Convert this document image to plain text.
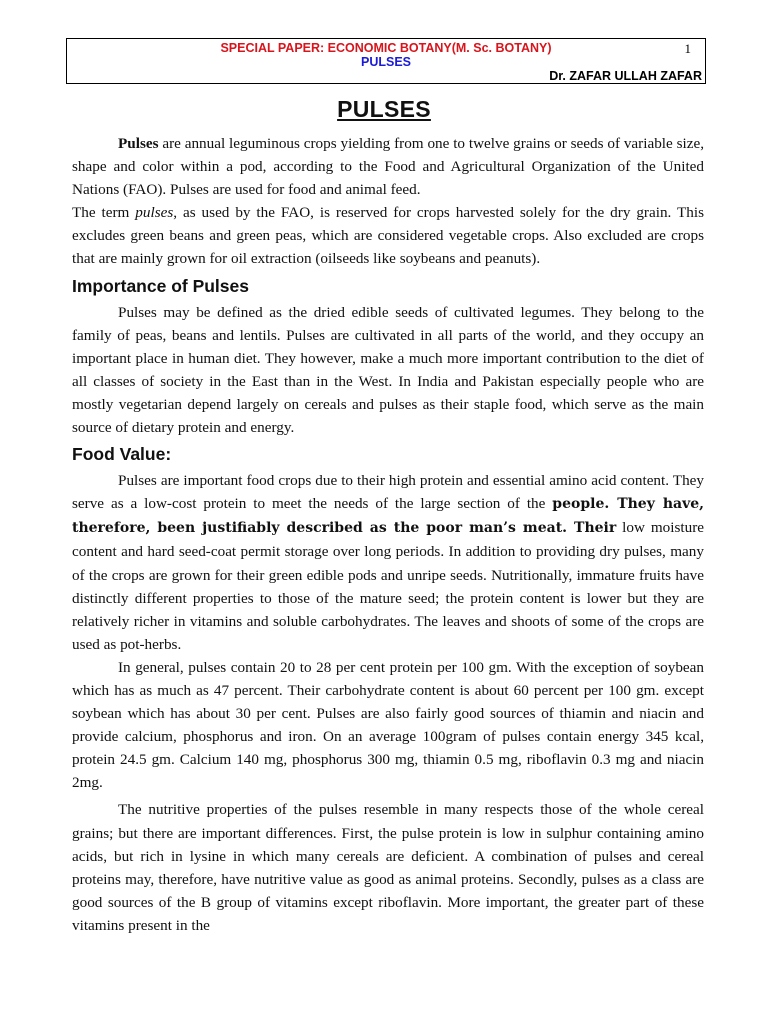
SPECIAL PAPER: ECONOMIC BOTANY(M. Sc. BOTANY)	1
PULSES
Dr. ZAFAR ULLAH ZAFAR
PULSES

Pulses are annual leguminous crops yielding from one to twelve grains or seeds of variable size, shape and color within a pod, according to the Food and Agricultural Organization of the United Nations (FAO). Pulses are used for food and animal feed.

The term pulses, as used by the FAO, is reserved for crops harvested solely for the dry grain. This excludes green beans and green peas, which are considered vegetable crops. Also excluded are crops that are mainly grown for oil extraction (oilseeds like soybeans and peanuts).

Importance of Pulses

Pulses may be defined as the dried edible seeds of cultivated legumes. They belong to the family of peas, beans and lentils. Pulses are cultivated in all parts of the world, and they occupy an important place in human diet. They however, make a much more important contribution to the diet of all classes of society in the East than in the West. In India and Pakistan especially people who are mostly vegetarian depend largely on cereals and pulses as their staple food, which serve as the main source of dietary protein and energy.

Food Value:

Pulses are important food crops due to their high protein and essential amino acid content. They serve as a low-cost protein to meet the needs of the large section of the people. They have, therefore, been justifiably described as the poor man’s meat. Their low moisture content and hard seed-coat permit storage over long periods. In addition to providing dry pulses, many of the crops are grown for their green edible pods and unripe seeds. Nutritionally, immature fruits have distinctly different properties to those of the mature seed; the protein content is lower but they are relatively richer in vitamins and soluble carbohydrates. The leaves and shoots of some of the crops are used as pot-herbs.

In general, pulses contain 20 to 28 per cent protein per 100 gm. With the exception of soybean which has as much as 47 percent. Their carbohydrate content is about 60 percent per 100 gm. except soybean which has about 30 per cent. Pulses are also fairly good sources of thiamin and niacin and provide calcium, phosphorus and iron. On an average 100gram of pulses contain energy 345 kcal, protein 24.5 gm. Calcium 140 mg, phosphorus 300 mg, thiamin 0.5 mg, riboflavin 0.3 mg and niacin 2mg.

The nutritive properties of the pulses resemble in many respects those of the whole cereal grains; but there are important differences. First, the pulse protein is low in sulphur containing amino acids, but rich in lysine in which many cereals are deficient. A combination of pulses and cereal proteins may, therefore, have nutritive value as good as animal proteins. Secondly, pulses as a class are good sources of the B group of vitamins except riboflavin. More important, the greater part of these vitamins present in the
